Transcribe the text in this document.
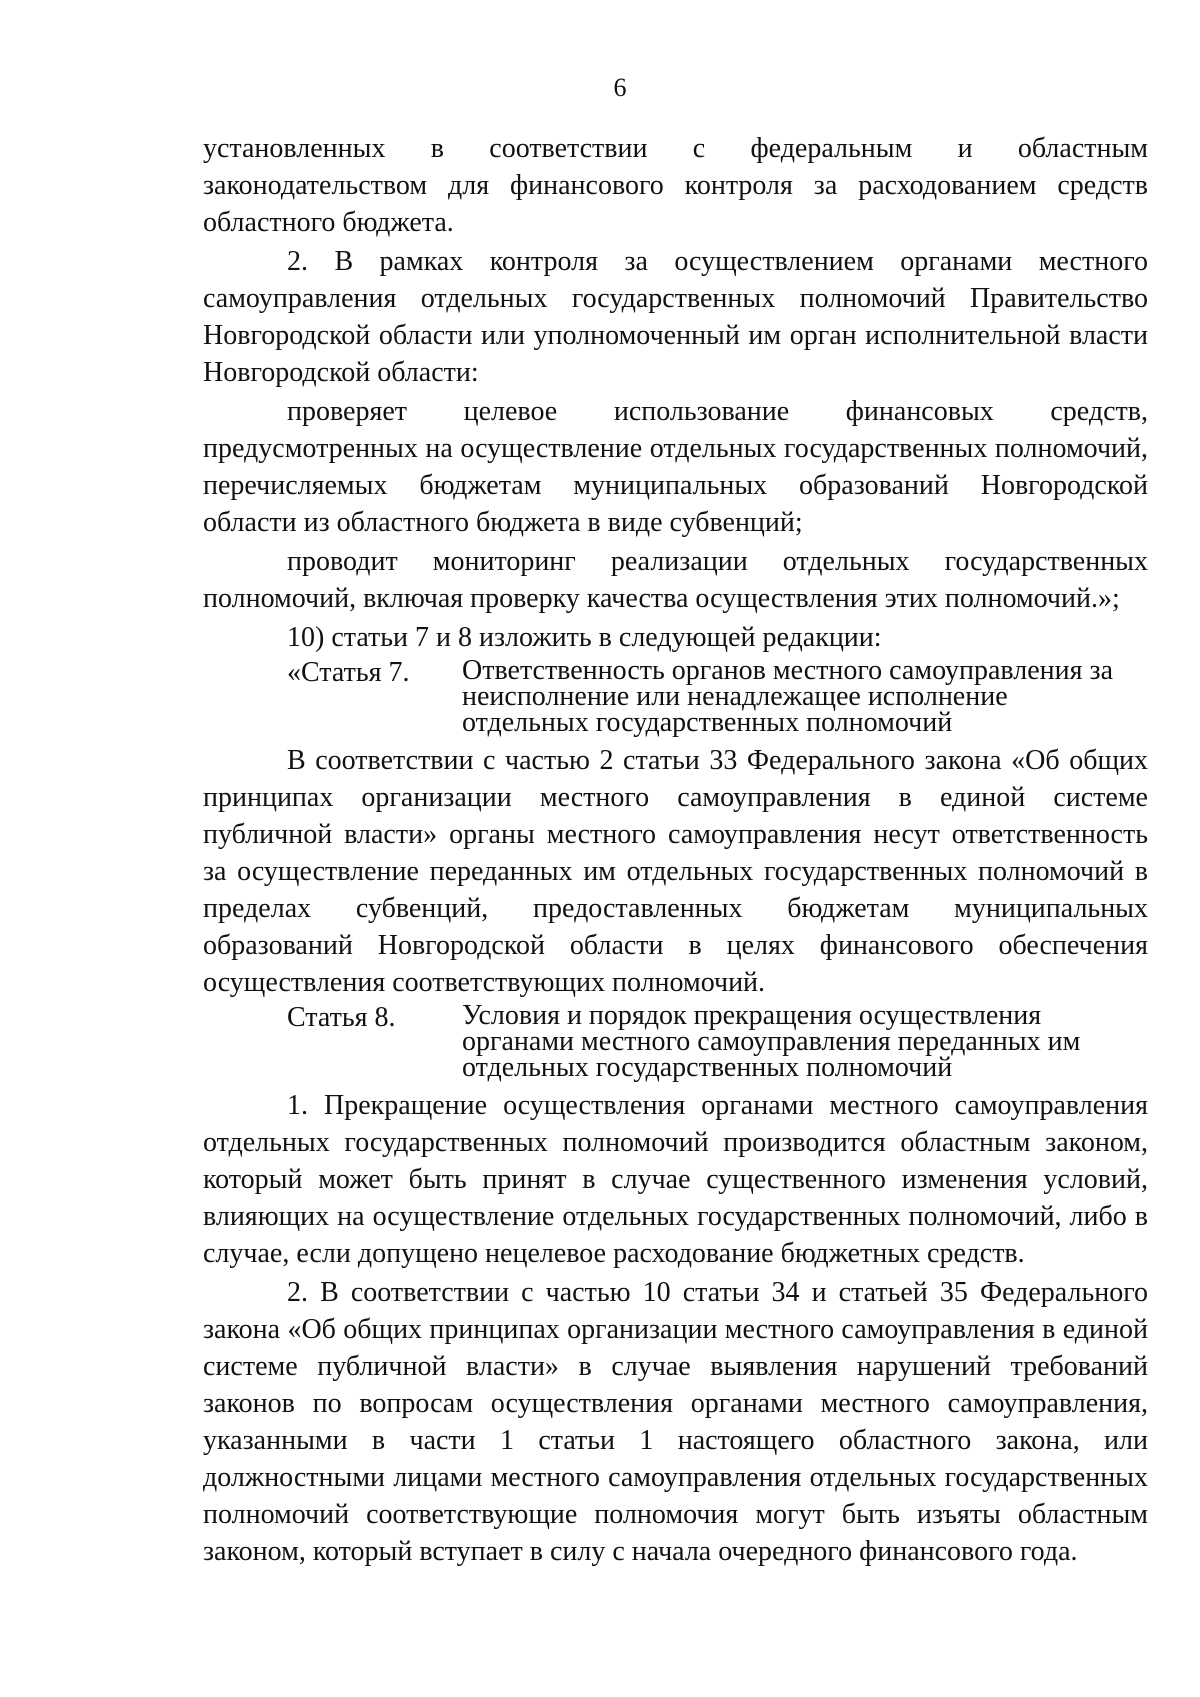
6

установленных в соответствии с федеральным и областным законодательством для финансового контроля за расходованием средств областного бюджета.

2. В рамках контроля за осуществлением органами местного самоуправления отдельных государственных полномочий Правительство Новгородской области или уполномоченный им орган исполнительной власти Новгородской области:

проверяет целевое использование финансовых средств, предусмотренных на осуществление отдельных государственных полномочий, перечисляемых бюджетам муниципальных образований Новгородской области из областного бюджета в виде субвенций;

проводит мониторинг реализации отдельных государственных полномочий, включая проверку качества осуществления этих полномочий.»;

10) статьи 7 и 8 изложить в следующей редакции:

«Статья 7.	Ответственность органов местного самоуправления за неисполнение или ненадлежащее исполнение отдельных государственных полномочий

В соответствии с частью 2 статьи 33 Федерального закона «Об общих принципах организации местного самоуправления в единой системе публичной власти» органы местного самоуправления несут ответственность за осуществление переданных им отдельных государственных полномочий в пределах субвенций, предоставленных бюджетам муниципальных образований Новгородской области в целях финансового обеспечения осуществления соответствующих полномочий.

Статья 8.	Условия и порядок прекращения осуществления органами местного самоуправления переданных им отдельных государственных полномочий

1. Прекращение осуществления органами местного самоуправления отдельных государственных полномочий производится областным законом, который может быть принят в случае существенного изменения условий, влияющих на осуществление отдельных государственных полномочий, либо в случае, если допущено нецелевое расходование бюджетных средств.

2. В соответствии с частью 10 статьи 34 и статьей 35 Федерального закона «Об общих принципах организации местного самоуправления в единой системе публичной власти» в случае выявления нарушений требований законов по вопросам осуществления органами местного самоуправления, указанными в части 1 статьи 1 настоящего областного закона, или должностными лицами местного самоуправления отдельных государственных полномочий соответствующие полномочия могут быть изъяты областным законом, который вступает в силу с начала очередного финансового года.
